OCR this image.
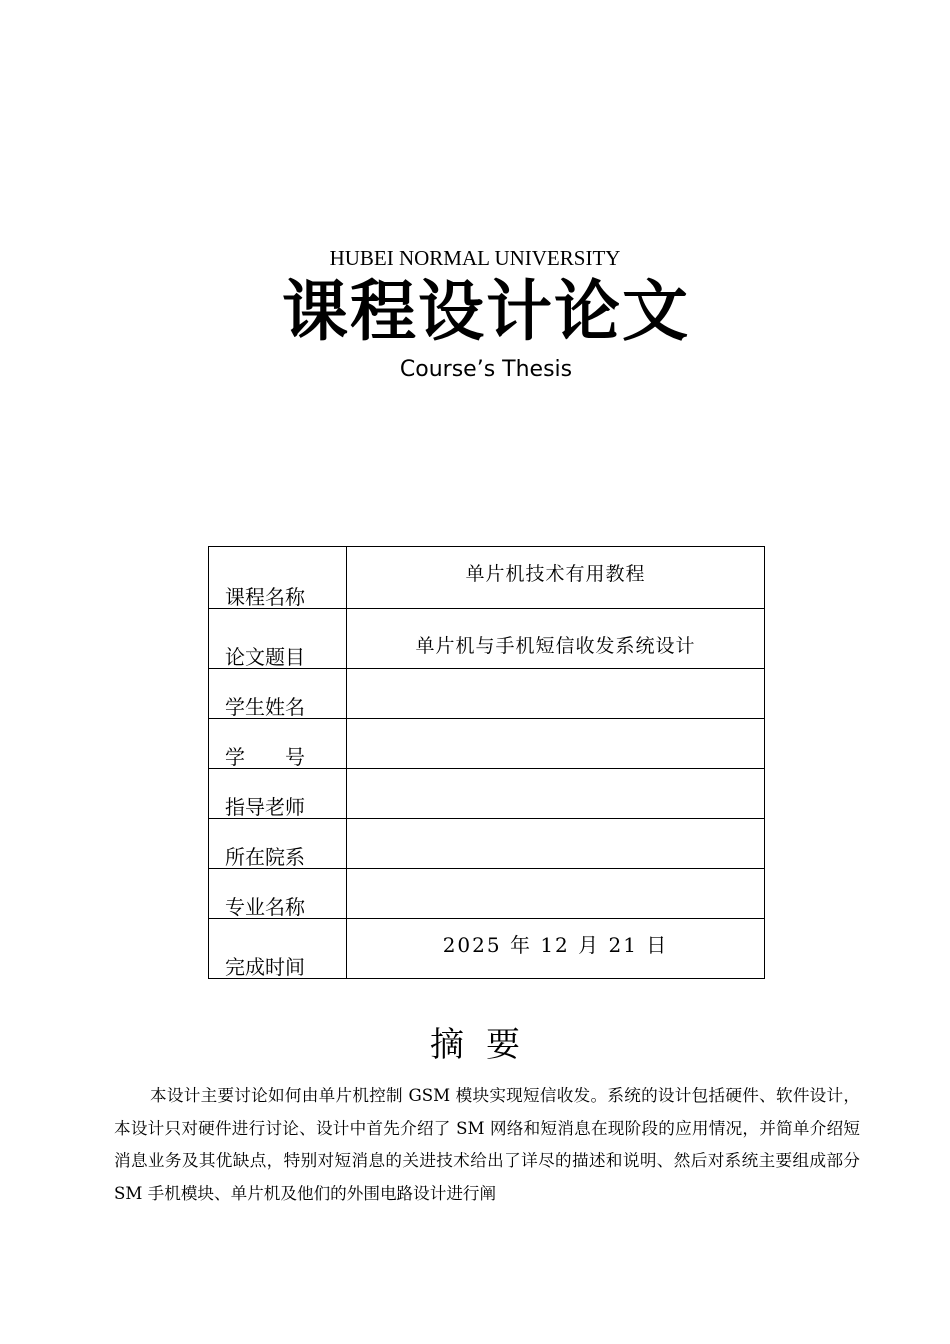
HUBEI NORMAL UNIVERSITY
课程设计论文
Course’s Thesis
课程名称	单片机技术有用教程

论文题目	单片机与手机短信收发系统设计

学生姓名	

学　　号	

指导老师	

所在院系	

专业名称	

完成时间	2025 年 12 月 21 日
摘要

本设计主要讨论如何由单片机控制 GSM 模块实现短信收发。系统的设计包括硬件、软件设计，本设计只对硬件进行讨论、设计中首先介绍了 SM 网络和短消息在现阶段的应用情况，并简单介绍短消息业务及其优缺点，特别对短消息的关进技术给出了详尽的描述和说明、然后对系统主要组成部分 SM 手机模块、单片机及他们的外围电路设计进行阐
